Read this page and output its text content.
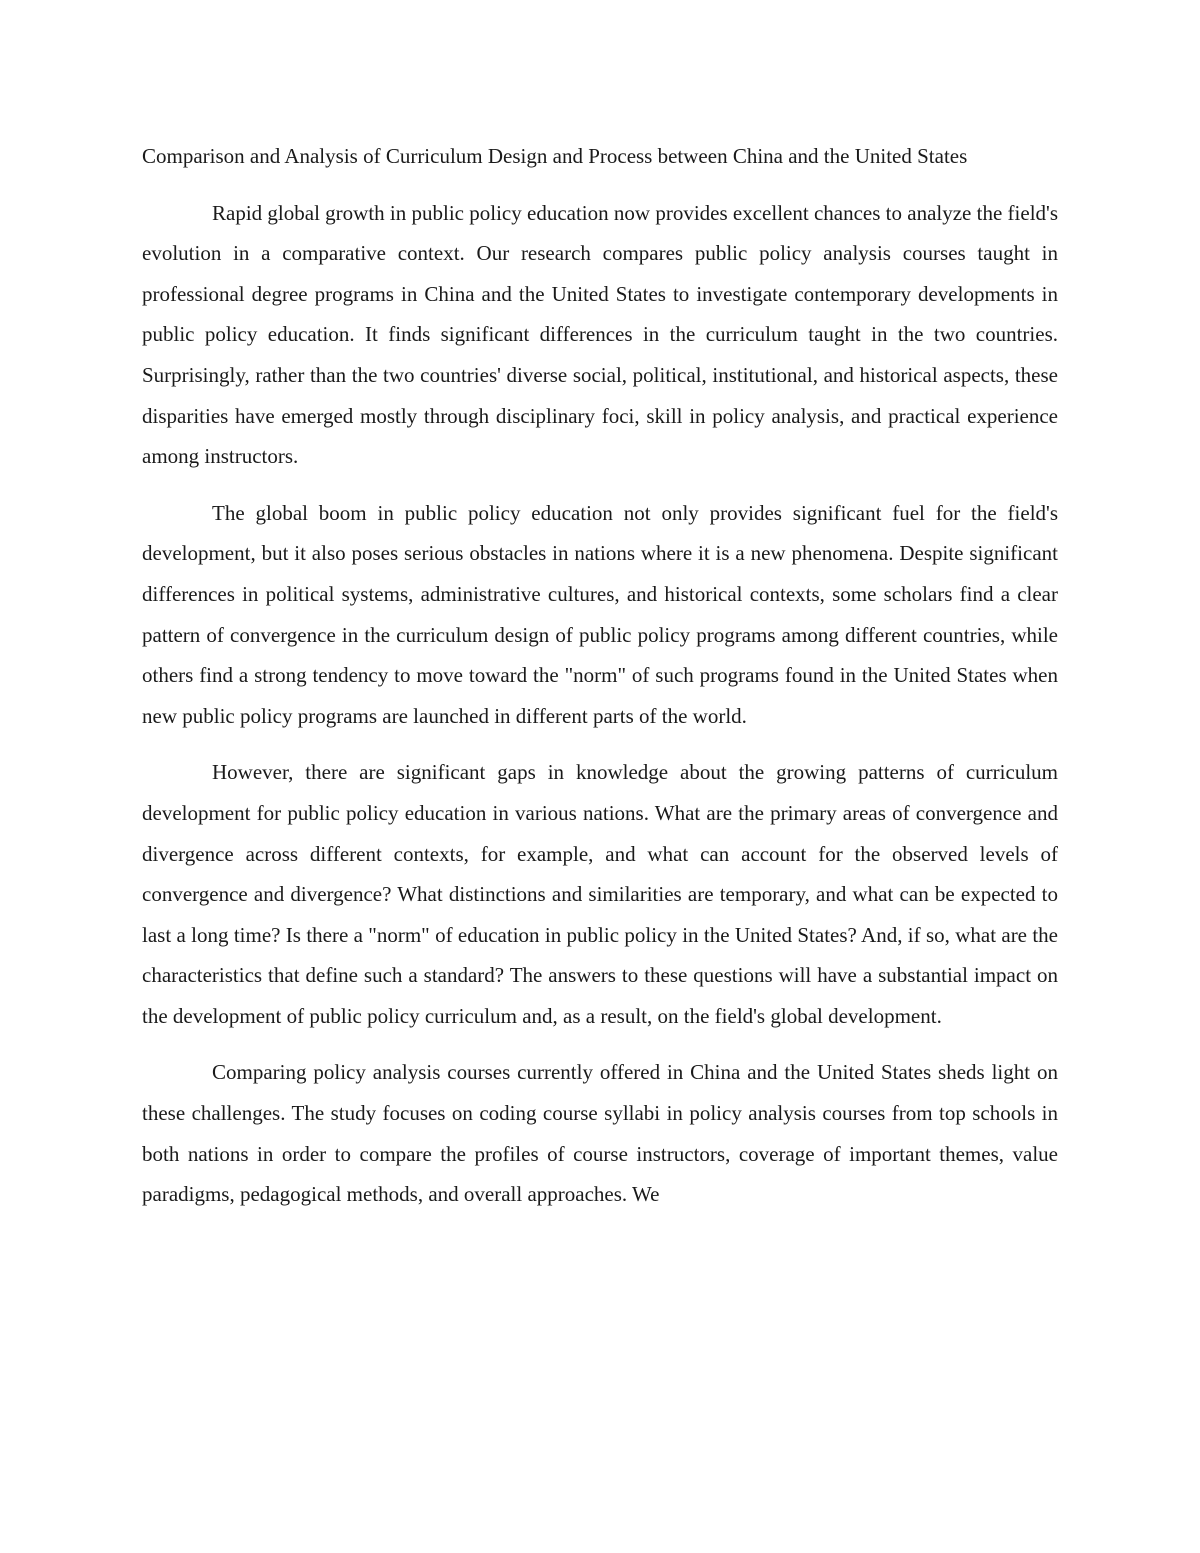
Comparison and Analysis of Curriculum Design and Process between China and the United States

Rapid global growth in public policy education now provides excellent chances to analyze the field's evolution in a comparative context. Our research compares public policy analysis courses taught in professional degree programs in China and the United States to investigate contemporary developments in public policy education. It finds significant differences in the curriculum taught in the two countries. Surprisingly, rather than the two countries' diverse social, political, institutional, and historical aspects, these disparities have emerged mostly through disciplinary foci, skill in policy analysis, and practical experience among instructors.

The global boom in public policy education not only provides significant fuel for the field's development, but it also poses serious obstacles in nations where it is a new phenomena. Despite significant differences in political systems, administrative cultures, and historical contexts, some scholars find a clear pattern of convergence in the curriculum design of public policy programs among different countries, while others find a strong tendency to move toward the "norm" of such programs found in the United States when new public policy programs are launched in different parts of the world.

However, there are significant gaps in knowledge about the growing patterns of curriculum development for public policy education in various nations. What are the primary areas of convergence and divergence across different contexts, for example, and what can account for the observed levels of convergence and divergence? What distinctions and similarities are temporary, and what can be expected to last a long time? Is there a "norm" of education in public policy in the United States? And, if so, what are the characteristics that define such a standard? The answers to these questions will have a substantial impact on the development of public policy curriculum and, as a result, on the field's global development.

Comparing policy analysis courses currently offered in China and the United States sheds light on these challenges. The study focuses on coding course syllabi in policy analysis courses from top schools in both nations in order to compare the profiles of course instructors, coverage of important themes, value paradigms, pedagogical methods, and overall approaches. We
